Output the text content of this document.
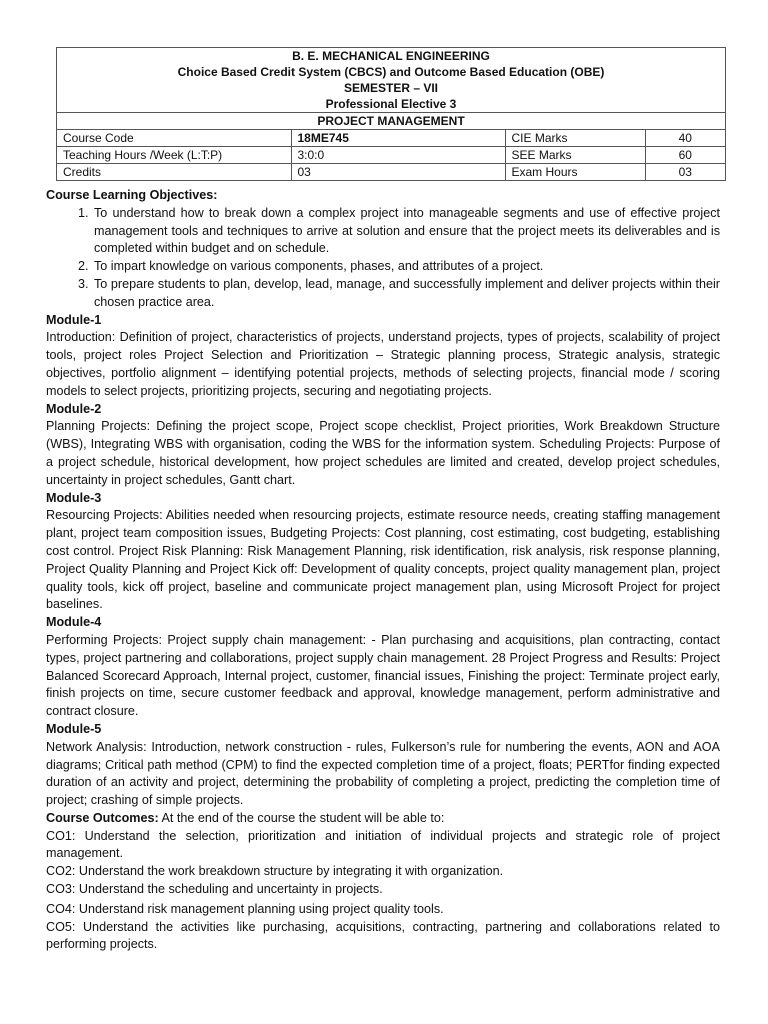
B. E. MECHANICAL ENGINEERING
Choice Based Credit System (CBCS) and Outcome Based Education (OBE)
SEMESTER – VII
Professional Elective 3
PROJECT MANAGEMENT
Course Code	18ME745	CIE Marks	40
Teaching Hours /Week (L:T:P)	3:0:0	SEE Marks	60
Credits	03	Exam Hours	03
Course Learning Objectives:
1. To understand how to break down a complex project into manageable segments and use of effective project management tools and techniques to arrive at solution and ensure that the project meets its deliverables and is completed within budget and on schedule.
2. To impart knowledge on various components, phases, and attributes of a project.
3. To prepare students to plan, develop, lead, manage, and successfully implement and deliver projects within their chosen practice area.
Module-1
Introduction: Definition of project, characteristics of projects, understand projects, types of projects, scalability of project tools, project roles Project Selection and Prioritization – Strategic planning process, Strategic analysis, strategic objectives, portfolio alignment – identifying potential projects, methods of selecting projects, financial mode / scoring models to select projects, prioritizing projects, securing and negotiating projects.
Module-2
Planning Projects: Defining the project scope, Project scope checklist, Project priorities, Work Breakdown Structure (WBS), Integrating WBS with organisation, coding the WBS for the information system. Scheduling Projects: Purpose of a project schedule, historical development, how project schedules are limited and created, develop project schedules, uncertainty in project schedules, Gantt chart.
Module-3
Resourcing Projects: Abilities needed when resourcing projects, estimate resource needs, creating staffing management plant, project team composition issues, Budgeting Projects: Cost planning, cost estimating, cost budgeting, establishing cost control. Project Risk Planning: Risk Management Planning, risk identification, risk analysis, risk response planning, Project Quality Planning and Project Kick off: Development of quality concepts, project quality management plan, project quality tools, kick off project, baseline and communicate project management plan, using Microsoft Project for project baselines.
Module-4
Performing Projects: Project supply chain management: - Plan purchasing and acquisitions, plan contracting, contact types, project partnering and collaborations, project supply chain management. 28 Project Progress and Results: Project Balanced Scorecard Approach, Internal project, customer, financial issues, Finishing the project: Terminate project early, finish projects on time, secure customer feedback and approval, knowledge management, perform administrative and contract closure.
Module-5
Network Analysis: Introduction, network construction - rules, Fulkerson’s rule for numbering the events, AON and AOA diagrams; Critical path method (CPM) to find the expected completion time of a project, floats; PERTfor finding expected duration of an activity and project, determining the probability of completing a project, predicting the completion time of project; crashing of simple projects.
Course Outcomes: At the end of the course the student will be able to:
CO1: Understand the selection, prioritization and initiation of individual projects and strategic role of project management.
CO2: Understand the work breakdown structure by integrating it with organization.
CO3: Understand the scheduling and uncertainty in projects.
CO4: Understand risk management planning using project quality tools.
CO5: Understand the activities like purchasing, acquisitions, contracting, partnering and collaborations related to performing projects.
